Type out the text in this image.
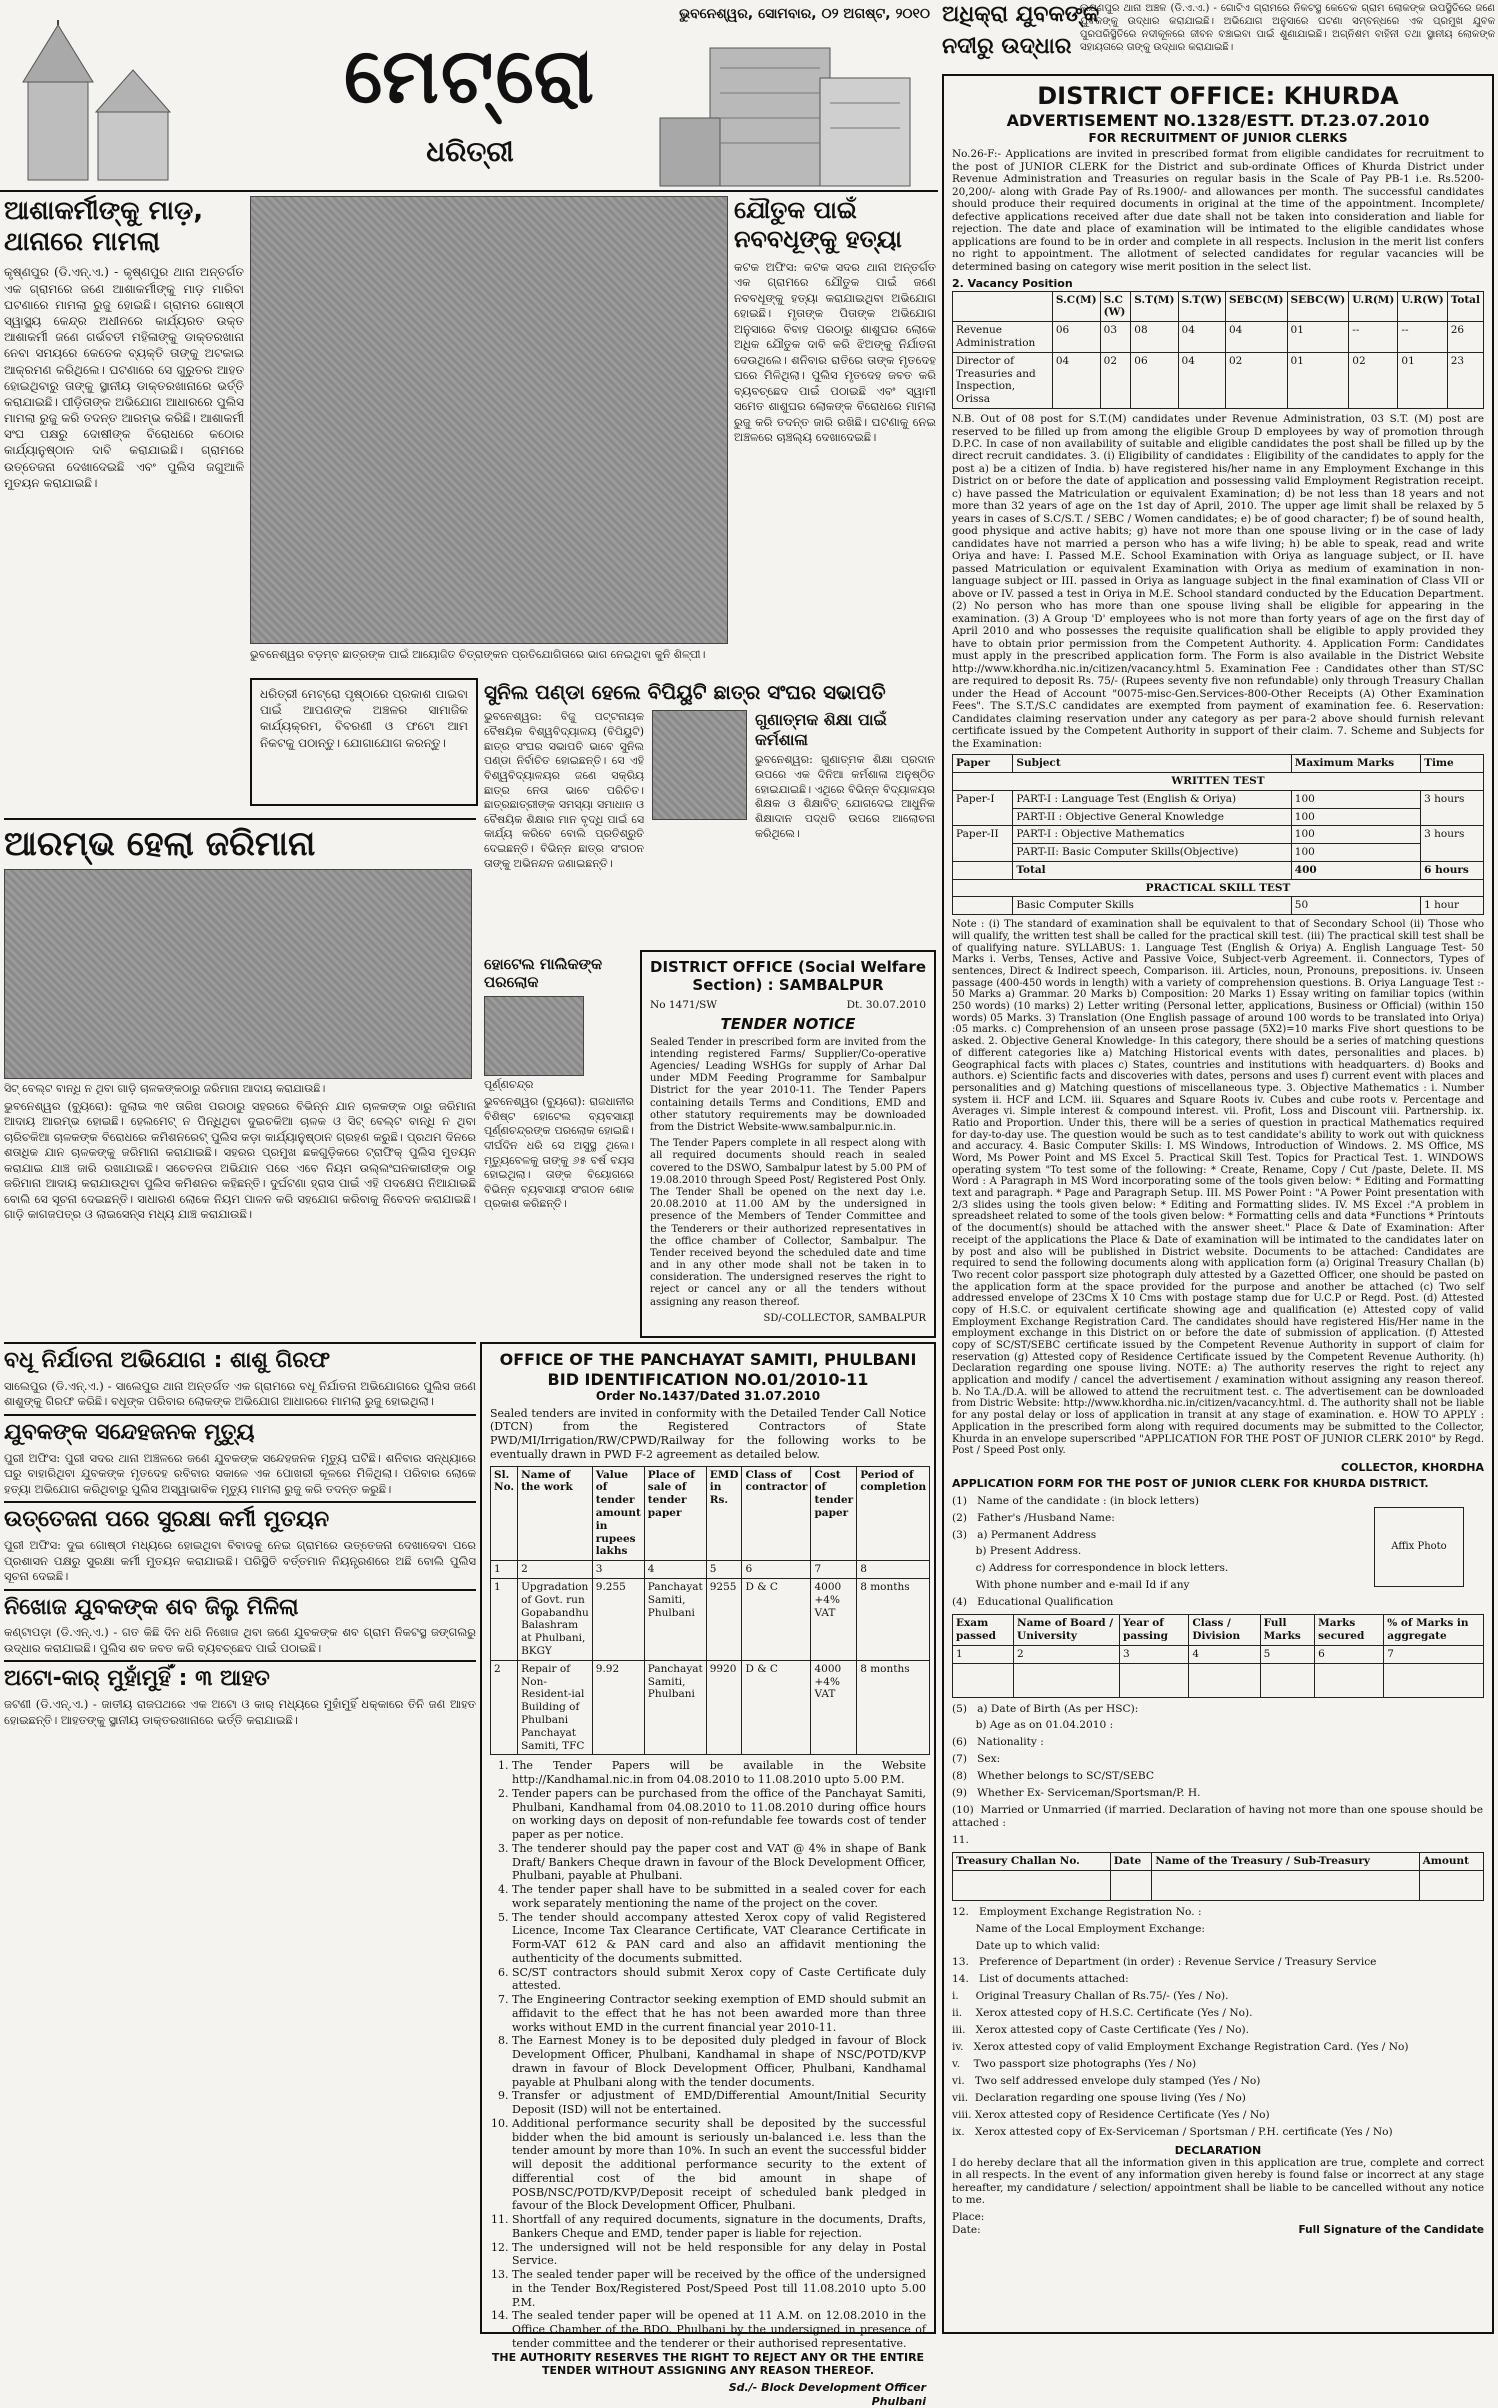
ଭୁବନେଶ୍ୱର, ସୋମବାର, ୦୨ ଅଗଷ୍ଟ, ୨୦୧୦
ମେଟ୍ରୋ
ଧରିତ୍ରୀ
ଅଧିକ୍ରା ଯୁବକଙ୍କ
ନଦୀରୁ ଉଦ୍ଧାର
ଲକ୍ଷଣପୁର ଥାନା ଅଞ୍ଚଳ (ଡି.ଏ.ଏ.) - ଗୋଟିଏ ଗ୍ରାମରେ ନିକଟସ୍ଥ କେତେକ ଗ୍ରାମ ଲୋକଙ୍କ ଉପସ୍ଥିତିରେ ଜଣେ ଯୁବକଙ୍କୁ ଉଦ୍ଧାର କରାଯାଇଛି। ଅଭିଯୋଗ ଅନୁସାରେ ଘଟଣା ସମ୍ବନ୍ଧରେ ଏକ ପ୍ରମୁଖ ଯୁବକ ପୁରପରିସ୍ଥିତିରେ ନଦୀକୂଳରେ ଜୀବନ ବଞ୍ଚାଇବା ପାଇଁ ଶୁଣାଯାଇଛି। ଅଗ୍ନିଶମ ବାହିନୀ ତଥା ସ୍ଥାନୀୟ ଲୋକଙ୍କ ସହାୟତାରେ ତାଙ୍କୁ ଉଦ୍ଧାର କରାଯାଇଛି।
ଆଶାକର୍ମୀଙ୍କୁ ମାଡ଼, ଥାନାରେ ମାମଲା

କୃଷ୍ଣପୁର (ଡି.ଏନ୍.ଏ.) - କୃଷ୍ଣପୁର ଥାନା ଅନ୍ତର୍ଗତ ଏକ ଗ୍ରାମରେ ଜଣେ ଆଶାକର୍ମୀଙ୍କୁ ମାଡ଼ ମାରିବା ଘଟଣାରେ ମାମଲା ରୁଜୁ ହୋଇଛି। ଗ୍ରାମର ଗୋଷ୍ଠୀ ସ୍ୱାସ୍ଥ୍ୟ କେନ୍ଦ୍ର ଅଧୀନରେ କାର୍ଯ୍ୟରତ ଉକ୍ତ ଆଶାକର୍ମୀ ଜଣେ ଗର୍ଭବତୀ ମହିଳାଙ୍କୁ ଡାକ୍ତରଖାନା ନେବା ସମୟରେ କେତେକ ବ୍ୟକ୍ତି ତାଙ୍କୁ ଅଟକାଇ ଆକ୍ରମଣ କରିଥିଲେ। ଘଟଣାରେ ସେ ଗୁରୁତର ଆହତ ହୋଇଥିବାରୁ ତାଙ୍କୁ ସ୍ଥାନୀୟ ଡାକ୍ତରଖାନାରେ ଭର୍ତ୍ତି କରାଯାଇଛି। ପୀଡ଼ିତାଙ୍କ ଅଭିଯୋଗ ଆଧାରରେ ପୁଲିସ ମାମଲା ରୁଜୁ କରି ତଦନ୍ତ ଆରମ୍ଭ କରିଛି। ଆଶାକର୍ମୀ ସଂଘ ପକ୍ଷରୁ ଦୋଷୀଙ୍କ ବିରୋଧରେ କଠୋର କାର୍ଯ୍ୟାନୁଷ୍ଠାନ ଦାବି କରାଯାଇଛି। ଗ୍ରାମରେ ଉତ୍ତେଜନା ଦେଖାଦେଇଛି ଏବଂ ପୁଲିସ ଜଗୁଆଳି ମୁତୟନ କରାଯାଇଛି।

ଭୁବନେଶ୍ୱର ବଡ଼ମ୍ବ ଛାତ୍ରଙ୍କ ପାଇଁ ଆୟୋଜିତ ଚିତ୍ରାଙ୍କନ ପ୍ରତିଯୋଗିତାରେ ଭାଗ ନେଇଥିବା କୁନି ଶିଳ୍ପୀ।
ଯୌତୁକ ପାଇଁ ନବବଧୂଙ୍କୁ ହତ୍ୟା

କଟକ ଅଫିସ: କଟକ ସଦର ଥାନା ଅନ୍ତର୍ଗତ ଏକ ଗ୍ରାମରେ ଯୌତୁକ ପାଇଁ ଜଣେ ନବବଧୂଙ୍କୁ ହତ୍ୟା କରାଯାଇଥିବା ଅଭିଯୋଗ ହୋଇଛି। ମୃତାଙ୍କ ପିତାଙ୍କ ଅଭିଯୋଗ ଅନୁସାରେ ବିବାହ ପରଠାରୁ ଶାଶୁଘର ଲୋକେ ଅଧିକ ଯୌତୁକ ଦାବି କରି ଝିଅଙ୍କୁ ନିର୍ଯାତନା ଦେଉଥିଲେ। ଶନିବାର ରାତିରେ ତାଙ୍କ ମୃତଦେହ ଘରେ ମିଳିଥିଲା। ପୁଲିସ ମୃତଦେହ ଜବତ କରି ବ୍ୟବଚ୍ଛେଦ ପାଇଁ ପଠାଇଛି ଏବଂ ସ୍ୱାମୀ ସମେତ ଶାଶୁଘର ଲୋକଙ୍କ ବିରୋଧରେ ମାମଲା ରୁଜୁ କରି ତଦନ୍ତ ଜାରି ରଖିଛି। ଘଟଣାକୁ ନେଇ ଅଞ୍ଚଳରେ ଚାଞ୍ଚଲ୍ୟ ଦେଖାଦେଇଛି।

ଧରିତ୍ରୀ ମେଟ୍ରୋ ପୃଷ୍ଠାରେ ପ୍ରକାଶ ପାଇବା ପାଇଁ ଆପଣଙ୍କ ଅଞ୍ଚଳର ସାମାଜିକ କାର୍ଯ୍ୟକ୍ରମ, ବିବରଣୀ ଓ ଫଟୋ ଆମ ନିକଟକୁ ପଠାନ୍ତୁ। ଯୋଗାଯୋଗ କରନ୍ତୁ।

ସୁନିଲ ପଣ୍ଡା ହେଲେ ବିପିୟୁଟି ଛାତ୍ର ସଂଘର ସଭାପତି

ଭୁବନେଶ୍ୱର: ବିଜୁ ପଟ୍ଟନାୟକ ବୈଷୟିକ ବିଶ୍ୱବିଦ୍ୟାଳୟ (ବିପିୟୁଟି) ଛାତ୍ର ସଂଘର ସଭାପତି ଭାବେ ସୁନିଲ ପଣ୍ଡା ନିର୍ବାଚିତ ହୋଇଛନ୍ତି। ସେ ଏହି ବିଶ୍ୱବିଦ୍ୟାଳୟର ଜଣେ ସକ୍ରିୟ ଛାତ୍ର ନେତା ଭାବେ ପରିଚିତ। ଛାତ୍ରଛାତ୍ରୀଙ୍କ ସମସ୍ୟା ସମାଧାନ ଓ ବୈଷୟିକ ଶିକ୍ଷାର ମାନ ବୃଦ୍ଧି ପାଇଁ ସେ କାର୍ଯ୍ୟ କରିବେ ବୋଲି ପ୍ରତିଶ୍ରୁତି ଦେଇଛନ୍ତି। ବିଭିନ୍ନ ଛାତ୍ର ସଂଗଠନ ତାଙ୍କୁ ଅଭିନନ୍ଦନ ଜଣାଇଛନ୍ତି।

ଗୁଣାତ୍ମକ ଶିକ୍ଷା ପାଇଁ କର୍ମଶାଳା

ଭୁବନେଶ୍ୱର: ଗୁଣାତ୍ମକ ଶିକ୍ଷା ପ୍ରଦାନ ଉପରେ ଏକ ଦିନିଆ କର୍ମଶାଳା ଅନୁଷ୍ଠିତ ହୋଇଯାଇଛି। ଏଥିରେ ବିଭିନ୍ନ ବିଦ୍ୟାଳୟର ଶିକ୍ଷକ ଓ ଶିକ୍ଷାବିତ୍ ଯୋଗଦେଇ ଆଧୁନିକ ଶିକ୍ଷାଦାନ ପଦ୍ଧତି ଉପରେ ଆଲୋଚନା କରିଥିଲେ।

ଆରମ୍ଭ ହେଲା ଜରିମାନା
ସିଟ୍ ବେଲ୍ଟ ବାନ୍ଧି ନ ଥିବା ଗାଡ଼ି ଚାଳକଙ୍କଠାରୁ ଜରିମାନା ଆଦାୟ କରାଯାଉଛି।

ଭୁବନେଶ୍ୱର (ବ୍ୟୁରୋ): ଜୁଲାଇ ୩୧ ତାରିଖ ପରଠାରୁ ସହରରେ ବିଭିନ୍ନ ଯାନ ଚାଳକଙ୍କ ଠାରୁ ଜରିମାନା ଆଦାୟ ଆରମ୍ଭ ହୋଇଛି। ହେଲମେଟ୍ ନ ପିନ୍ଧିଥିବା ଦୁଇଚକିଆ ଚାଳକ ଓ ସିଟ୍ ବେଲ୍ଟ ବାନ୍ଧି ନ ଥିବା ଚାରିଚକିଆ ଚାଳକଙ୍କ ବିରୋଧରେ କମିଶନରେଟ୍ ପୁଲିସ କଡ଼ା କାର୍ଯ୍ୟାନୁଷ୍ଠାନ ଗ୍ରହଣ କରୁଛି। ପ୍ରଥମ ଦିନରେ ଶତାଧିକ ଯାନ ଚାଳକଙ୍କୁ ଜରିମାନା କରାଯାଇଛି। ସହରର ପ୍ରମୁଖ ଛକଗୁଡ଼ିକରେ ଟ୍ରାଫିକ୍ ପୁଲିସ ମୁତୟନ କରାଯାଇ ଯାଞ୍ଚ ଜାରି ରଖାଯାଇଛି। ସଚେତନତା ଅଭିଯାନ ପରେ ଏବେ ନିୟମ ଉଲ୍ଲଂଘନକାରୀଙ୍କ ଠାରୁ ଜରିମାନା ଆଦାୟ କରାଯାଉଥିବା ପୁଲିସ କମିଶନର କହିଛନ୍ତି। ଦୁର୍ଘଟଣା ହ୍ରାସ ପାଇଁ ଏହି ପଦକ୍ଷେପ ନିଆଯାଇଛି ବୋଲି ସେ ସୂଚନା ଦେଇଛନ୍ତି। ସାଧାରଣ ଲୋକେ ନିୟମ ପାଳନ କରି ସହଯୋଗ କରିବାକୁ ନିବେଦନ କରାଯାଇଛି। ଗାଡ଼ି କାଗଜପତ୍ର ଓ ଲାଇସେନ୍ସ ମଧ୍ୟ ଯାଞ୍ଚ କରାଯାଉଛି।

ହୋଟେଲ ମାଲିକଙ୍କ ପରଲୋକ
ପୂର୍ଣ୍ଣଚନ୍ଦ୍ର

ଭୁବନେଶ୍ୱର (ବ୍ୟୁରୋ): ରାଜଧାନୀର ବିଶିଷ୍ଟ ହୋଟେଲ ବ୍ୟବସାୟୀ ପୂର୍ଣ୍ଣଚନ୍ଦ୍ରଙ୍କ ପରଲୋକ ହୋଇଛି। ଦୀର୍ଘଦିନ ଧରି ସେ ଅସୁସ୍ଥ ଥିଲେ। ମୃତ୍ୟୁବେଳକୁ ତାଙ୍କୁ ୬୫ ବର୍ଷ ବୟସ ହୋଇଥିଲା। ତାଙ୍କ ବିୟୋଗରେ ବିଭିନ୍ନ ବ୍ୟବସାୟୀ ସଂଗଠନ ଶୋକ ପ୍ରକାଶ କରିଛନ୍ତି।

DISTRICT OFFICE (Social Welfare Section) : SAMBALPUR
No 1471/SW	Dt. 30.07.2010
TENDER NOTICE

Sealed Tender in prescribed form are invited from the intending registered Farms/ Supplier/Co-operative Agencies/ Leading WSHGs for supply of Arhar Dal under MDM Feeding Programme for Sambalpur District for the year 2010-11. The Tender Papers containing details Terms and Conditions, EMD and other statutory requirements may be downloaded from the District Website-www.sambalpur.nic.in.

The Tender Papers complete in all respect along with all required documents should reach in sealed covered to the DSWO, Sambalpur latest by 5.00 PM of 19.08.2010 through Speed Post/ Registered Post Only. The Tender Shall be opened on the next day i.e. 20.08.2010 at 11.00 AM by the undersigned in presence of the Members of Tender Committee and the Tenderers or their authorized representatives in the office chamber of Collector, Sambalpur. The Tender received beyond the scheduled date and time and in any other mode shall not be taken in to consideration. The undersigned reserves the right to reject or cancel any or all the tenders without assigning any reason thereof.

SD/-COLLECTOR, SAMBALPUR
ବଧୂ ନିର୍ଯାତନା ଅଭିଯୋଗ : ଶାଶୁ ଗିରଫ

ସାଲେପୁର (ଡି.ଏନ୍.ଏ.) - ସାଲେପୁର ଥାନା ଅନ୍ତର୍ଗତ ଏକ ଗ୍ରାମରେ ବଧୂ ନିର୍ଯାତନା ଅଭିଯୋଗରେ ପୁଲିସ ଜଣେ ଶାଶୁଙ୍କୁ ଗିରଫ କରିଛି। ବଧୂଙ୍କ ପରିବାର ଲୋକଙ୍କ ଅଭିଯୋଗ ଆଧାରରେ ମାମଲା ରୁଜୁ ହୋଇଥିଲା।

ଯୁବକଙ୍କ ସନ୍ଦେହଜନକ ମୃତ୍ୟୁ

ପୁରୀ ଅଫିସ: ପୁରୀ ସଦର ଥାନା ଅଞ୍ଚଳରେ ଜଣେ ଯୁବକଙ୍କ ସନ୍ଦେହଜନକ ମୃତ୍ୟୁ ଘଟିଛି। ଶନିବାର ସନ୍ଧ୍ୟାରେ ଘରୁ ବାହାରିଥିବା ଯୁବକଙ୍କ ମୃତଦେହ ରବିବାର ସକାଳେ ଏକ ପୋଖରୀ କୂଳରେ ମିଳିଥିଲା। ପରିବାର ଲୋକେ ହତ୍ୟା ଅଭିଯୋଗ କରିଥିବାରୁ ପୁଲିସ ଅସ୍ୱାଭାବିକ ମୃତ୍ୟୁ ମାମଲା ରୁଜୁ କରି ତଦନ୍ତ କରୁଛି।

ଉତ୍ତେଜନା ପରେ ସୁରକ୍ଷା କର୍ମୀ ମୁତୟନ

ପୁରୀ ଅଫିସ: ଦୁଇ ଗୋଷ୍ଠୀ ମଧ୍ୟରେ ହୋଇଥିବା ବିବାଦକୁ ନେଇ ଗ୍ରାମରେ ଉତ୍ତେଜନା ଦେଖାଦେବା ପରେ ପ୍ରଶାସନ ପକ୍ଷରୁ ସୁରକ୍ଷା କର୍ମୀ ମୁତୟନ କରାଯାଇଛି। ପରିସ୍ଥିତି ବର୍ତ୍ତମାନ ନିୟନ୍ତ୍ରଣରେ ଅଛି ବୋଲି ପୁଲିସ ସୂଚନା ଦେଇଛି।

ନିଖୋଜ ଯୁବକଙ୍କ ଶବ ଜିଲୁ ମିଳିଲା

କଣ୍ଟାପଡ଼ା (ଡି.ଏନ୍.ଏ.) - ଗତ କିଛି ଦିନ ଧରି ନିଖୋଜ ଥିବା ଜଣେ ଯୁବକଙ୍କ ଶବ ଗ୍ରାମ ନିକଟସ୍ଥ ଜଙ୍ଗଲରୁ ଉଦ୍ଧାର କରାଯାଇଛି। ପୁଲିସ ଶବ ଜବତ କରି ବ୍ୟବଚ୍ଛେଦ ପାଇଁ ପଠାଇଛି।

ଅଟୋ-କାର୍ ମୁହାଁମୁହିଁ : ୩ ଆହତ

ଜଟଣୀ (ଡି.ଏନ୍.ଏ.) - ଜାତୀୟ ରାଜପଥରେ ଏକ ଅଟୋ ଓ କାର୍ ମଧ୍ୟରେ ମୁହାଁମୁହିଁ ଧକ୍କାରେ ତିନି ଜଣ ଆହତ ହୋଇଛନ୍ତି। ଆହତଙ୍କୁ ସ୍ଥାନୀୟ ଡାକ୍ତରଖାନାରେ ଭର୍ତ୍ତି କରାଯାଇଛି।

OFFICE OF THE PANCHAYAT SAMITI, PHULBANI
BID IDENTIFICATION NO.01/2010-11
Order No.1437/Dated 31.07.2010

Sealed tenders are invited in conformity with the Detailed Tender Call Notice (DTCN) from the Registered Contractors of State PWD/MI/Irrigation/RW/CPWD/Railway for the following works to be eventually drawn in PWD F-2 agreement as detailed below.

Sl. No.	Name of the work	Value of tender amount in rupees lakhs	Place of sale of tender paper	EMD in Rs.	Class of contractor	Cost of tender paper	Period of completion
1	2	3	4	5	6	7	8
1	Upgradation of Govt. run Gopabandhu Balashram at Phulbani, BKGY	9.255	Panchayat Samiti, Phulbani	9255	D & C	4000 +4% VAT	8 months
2	Repair of Non-Resident-ial Building of Phulbani Panchayat Samiti, TFC	9.92	Panchayat Samiti, Phulbani	9920	D & C	4000 +4% VAT	8 months
1. The Tender Papers will be available in the Website http://Kandhamal.nic.in from 04.08.2010 to 11.08.2010 upto 5.00 P.M.
2. Tender papers can be purchased from the office of the Panchayat Samiti, Phulbani, Kandhamal from 04.08.2010 to 11.08.2010 during office hours on working days on deposit of non-refundable fee towards cost of tender paper as per notice.
3. The tenderer should pay the paper cost and VAT @ 4% in shape of Bank Draft/ Bankers Cheque drawn in favour of the Block Development Officer, Phulbani, payable at Phulbani.
4. The tender paper shall have to be submitted in a sealed cover for each work separately mentioning the name of the project on the cover.
5. The tender should accompany attested Xerox copy of valid Registered Licence, Income Tax Clearance Certificate, VAT Clearance Certificate in Form-VAT 612 & PAN card and also an affidavit mentioning the authenticity of the documents submitted.
6. SC/ST contractors should submit Xerox copy of Caste Certificate duly attested.
7. The Engineering Contractor seeking exemption of EMD should submit an affidavit to the effect that he has not been awarded more than three works without EMD in the current financial year 2010-11.
8. The Earnest Money is to be deposited duly pledged in favour of Block Development Officer, Phulbani, Kandhamal in shape of NSC/POTD/KVP drawn in favour of Block Development Officer, Phulbani, Kandhamal payable at Phulbani along with the tender documents.
9. Transfer or adjustment of EMD/Differential Amount/Initial Security Deposit (ISD) will not be entertained.
10. Additional performance security shall be deposited by the successful bidder when the bid amount is seriously un-balanced i.e. less than the tender amount by more than 10%. In such an event the successful bidder will deposit the additional performance security to the extent of differential cost of the bid amount in shape of POSB/NSC/POTD/KVP/Deposit receipt of scheduled bank pledged in favour of the Block Development Officer, Phulbani.
11. Shortfall of any required documents, signature in the documents, Drafts, Bankers Cheque and EMD, tender paper is liable for rejection.
12. The undersigned will not be held responsible for any delay in Postal Service.
13. The sealed tender paper will be received by the office of the undersigned in the Tender Box/Registered Post/Speed Post till 11.08.2010 upto 5.00 P.M.
14. The sealed tender paper will be opened at 11 A.M. on 12.08.2010 in the Office Chamber of the BDO, Phulbani by the undersigned in presence of tender committee and the tenderer or their authorised representative.

THE AUTHORITY RESERVES THE RIGHT TO REJECT ANY OR THE ENTIRE TENDER WITHOUT ASSIGNING ANY REASON THEREOF.

Sd./- Block Development Officer
Phulbani
DISTRICT OFFICE: KHURDA
ADVERTISEMENT NO.1328/ESTT. DT.23.07.2010
FOR RECRUITMENT OF JUNIOR CLERKS

No.26-F:- Applications are invited in prescribed format from eligible candidates for recruitment to the post of JUNIOR CLERK for the District and sub-ordinate Offices of Khurda District under Revenue Administration and Treasuries on regular basis in the Scale of Pay PB-1 i.e. Rs.5200-20,200/- along with Grade Pay of Rs.1900/- and allowances per month. The successful candidates should produce their required documents in original at the time of the appointment. Incomplete/ defective applications received after due date shall not be taken into consideration and liable for rejection. The date and place of examination will be intimated to the eligible candidates whose applications are found to be in order and complete in all respects. Inclusion in the merit list confers no right to appointment. The allotment of selected candidates for regular vacancies will be determined basing on category wise merit position in the select list.

2. Vacancy Position
	S.C(M)	S.C (W)	S.T(M)	S.T(W)	SEBC(M)	SEBC(W)	U.R(M)	U.R(W)	Total
Revenue Administration	06	03	08	04	04	01	--	--	26
Director of Treasuries and Inspection, Orissa	04	02	06	04	02	01	02	01	23

N.B. Out of 08 post for S.T.(M) candidates under Revenue Administration, 03 S.T. (M) post are reserved to be filled up from among the eligible Group D employees by way of promotion through D.P.C. In case of non availability of suitable and eligible candidates the post shall be filled up by the direct recruit candidates. 3. (i) Eligibility of candidates : Eligibility of the candidates to apply for the post a) be a citizen of India. b) have registered his/her name in any Employment Exchange in this District on or before the date of application and possessing valid Employment Registration receipt. c) have passed the Matriculation or equivalent Examination; d) be not less than 18 years and not more than 32 years of age on the 1st day of April, 2010. The upper age limit shall be relaxed by 5 years in cases of S.C/S.T. / SEBC / Women candidates; e) be of good character; f) be of sound health, good physique and active habits; g) have not more than one spouse living or in the case of lady candidates have not married a person who has a wife living; h) be able to speak, read and write Oriya and have: I. Passed M.E. School Examination with Oriya as language subject, or II. have passed Matriculation or equivalent Examination with Oriya as medium of examination in non-language subject or III. passed in Oriya as language subject in the final examination of Class VII or above or IV. passed a test in Oriya in M.E. School standard conducted by the Education Department. (2) No person who has more than one spouse living shall be eligible for appearing in the examination. (3) A Group 'D' employees who is not more than forty years of age on the first day of April 2010 and who possesses the requisite qualification shall be eligible to apply provided they have to obtain prior permission from the Competent Authority. 4. Application Form: Candidates must apply in the prescribed application form. The Form is also available in the District Website http://www.khordha.nic.in/citizen/vacancy.html 5. Examination Fee : Candidates other than ST/SC are required to deposit Rs. 75/- (Rupees seventy five non refundable) only through Treasury Challan under the Head of Account "0075-misc-Gen.Services-800-Other Receipts (A) Other Examination Fees". The S.T./S.C candidates are exempted from payment of examination fee. 6. Reservation: Candidates claiming reservation under any category as per para-2 above should furnish relevant certificate issued by the Competent Authority in support of their claim. 7. Scheme and Subjects for the Examination:

Paper	Subject	Maximum Marks	Time
WRITTEN TEST			
Paper-I	PART-I : Language Test (English & Oriya)	100	3 hours
	PART-II : Objective General Knowledge	100	
Paper-II	PART-I : Objective Mathematics	100	3 hours
	PART-II: Basic Computer Skills(Objective)	100	
	Total	400	6 hours
PRACTICAL SKILL TEST			
	Basic Computer Skills	50	1 hour

Note : (i) The standard of examination shall be equivalent to that of Secondary School (ii) Those who will qualify, the written test shall be called for the practical skill test. (iii) The practical skill test shall be of qualifying nature. SYLLABUS: 1. Language Test (English & Oriya) A. English Language Test- 50 Marks i. Verbs, Tenses, Active and Passive Voice, Subject-verb Agreement. ii. Connectors, Types of sentences, Direct & Indirect speech, Comparison. iii. Articles, noun, Pronouns, prepositions. iv. Unseen passage (400-450 words in length) with a variety of comprehension questions. B. Oriya Language Test :- 50 Marks a) Grammar. 20 Marks b) Composition: 20 Marks 1) Essay writing on familiar topics (within 250 words) (10 marks) 2) Letter writing (Personal letter, applications, Business or Official) (within 150 words) 05 Marks. 3) Translation (One English passage of around 100 words to be translated into Oriya) :05 marks. c) Comprehension of an unseen prose passage (5X2)=10 marks Five short questions to be asked. 2. Objective General Knowledge- In this category, there should be a series of matching questions of different categories like a) Matching Historical events with dates, personalities and places. b) Geographical facts with places c) States, countries and institutions with headquarters. d) Books and authors. e) Scientific facts and discoveries with dates, persons and uses f) current event with places and personalities and g) Matching questions of miscellaneous type. 3. Objective Mathematics : i. Number system ii. HCF and LCM. iii. Squares and Square Roots iv. Cubes and cube roots v. Percentage and Averages vi. Simple interest & compound interest. vii. Profit, Loss and Discount viii. Partnership. ix. Ratio and Proportion. Under this, there will be a series of question in practical Mathematics required for day-to-day use. The question would be such as to test candidate's ability to work out with quickness and accuracy. 4. Basic Computer Skills: I. MS Windows, Introduction of Windows. 2. MS Office, MS Word, Ms Power Point and MS Excel 5. Practical Skill Test. Topics for Practical Test. 1. WINDOWS operating system "To test some of the following: * Create, Rename, Copy / Cut /paste, Delete. II. MS Word : A Paragraph in MS Word incorporating some of the tools given below: * Editing and Formatting text and paragraph. * Page and Paragraph Setup. III. MS Power Point : "A Power Point presentation with 2/3 slides using the tools given below: * Editing and Formatting slides. IV. MS Excel :"A problem in spreadsheet related to some of the tools given below: * Formatting cells and data *Functions * Printouts of the document(s) should be attached with the answer sheet." Place & Date of Examination: After receipt of the applications the Place & Date of examination will be intimated to the candidates later on by post and also will be published in District website. Documents to be attached: Candidates are required to send the following documents along with application form (a) Original Treasury Challan (b) Two recent color passport size photograph duly attested by a Gazetted Officer, one should be pasted on the application form at the space provided for the purpose and another be attached (c) Two self addressed envelope of 23Cms X 10 Cms with postage stamp due for U.C.P or Regd. Post. (d) Attested copy of H.S.C. or equivalent certificate showing age and qualification (e) Attested copy of valid Employment Exchange Registration Card. The candidates should have registered His/Her name in the employment exchange in this District on or before the date of submission of application. (f) Attested copy of SC/ST/SEBC certificate issued by the Competent Revenue Authority in support of claim for reservation (g) Attested copy of Residence Certificate issued by the Competent Revenue Authority. (h) Declaration regarding one spouse living. NOTE: a) The authority reserves the right to reject any application and modify / cancel the advertisement / examination without assigning any reason thereof. b. No T.A./D.A. will be allowed to attend the recruitment test. c. The advertisement can be downloaded from Distric Website: http://www.khordha.nic.in/citizen/vacancy.html. d. The authority shall not be liable for any postal delay or loss of application in transit at any stage of examination. e. HOW TO APPLY : Application in the prescribed form along with required documents may be submitted to the Collector, Khurda in an envelope superscribed "APPLICATION FOR THE POST OF JUNIOR CLERK 2010" by Regd. Post / Speed Post only.

COLLECTOR, KHORDHA
APPLICATION FORM FOR THE POST OF JUNIOR CLERK FOR KHURDA DISTRICT.
(1)   Name of the candidate : (in block letters)
(2)   Father's /Husband Name:
(3)   a) Permanent Address
b) Present Address.
c) Address for correspondence in block letters.
With phone number and e-mail Id if any
(4)   Educational Qualification
Affix Photo
Exam passed	Name of Board / University	Year of passing	Class / Division	Full Marks	Marks secured	% of Marks in aggregate
1	2	3	4	5	6	7

(5)   a) Date of Birth (As per HSC):
b) Age as on 01.04.2010 :
(6)   Nationality :
(7)   Sex:
(8)   Whether belongs to SC/ST/SEBC
(9)   Whether Ex- Serviceman/Sportsman/P. H.
(10)  Married or Unmarried (if married. Declaration of having not more than one spouse should be attached :
11.
Treasury Challan No.	Date	Name of the Treasury / Sub-Treasury	Amount

12.   Employment Exchange Registration No. :
Name of the Local Employment Exchange:
Date up to which valid:
13.   Preference of Department (in order) : Revenue Service / Treasury Service
14.   List of documents attached:
i.     Original Treasury Challan of Rs.75/- (Yes / No).
ii.    Xerox attested copy of H.S.C. Certificate (Yes / No).
iii.   Xerox attested copy of Caste Certificate (Yes / No).
iv.   Xerox attested copy of valid Employment Exchange Registration Card. (Yes / No)
v.    Two passport size photographs (Yes / No)
vi.   Two self addressed envelope duly stamped (Yes / No)
vii.  Declaration regarding one spouse living (Yes / No)
viii. Xerox attested copy of Residence Certificate (Yes / No)
ix.   Xerox attested copy of Ex-Serviceman / Sportsman / P.H. certificate (Yes / No)
DECLARATION

I do hereby declare that all the information given in this application are true, complete and correct in all respects. In the event of any information given hereby is found false or incorrect at any stage hereafter, my candidature / selection/ appointment shall be liable to be cancelled without any notice to me.

Place:
Date:	Full Signature of the Candidate
